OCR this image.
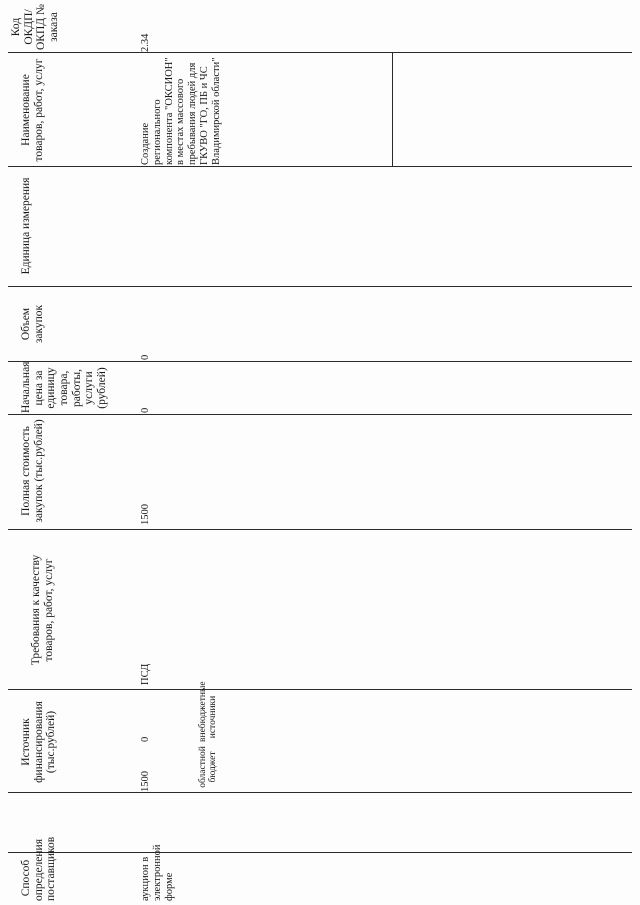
Код ОКДП/ ОКПД № заказа
Наименование товаров, работ, услуг
Единица измерения
Объем закупок
Начальная цена за единицу товара, работы, услуги (рублей)
Полная стоимость закупок (тыс.рублей)
Требования к качеству товаров, работ, услуг
Источник финансирования (тыс.рублей)	областной бюджет
внебюджетные источники
Способ определения поставщиков
2.34
Создание регионального компонента "ОКСИОН" в местах массового пребывания людей для ГКУВО "ГО, ПБ и ЧС Владимирской области"
0
0
1500
ПСД
1500
0
аукцион в электронной форме
